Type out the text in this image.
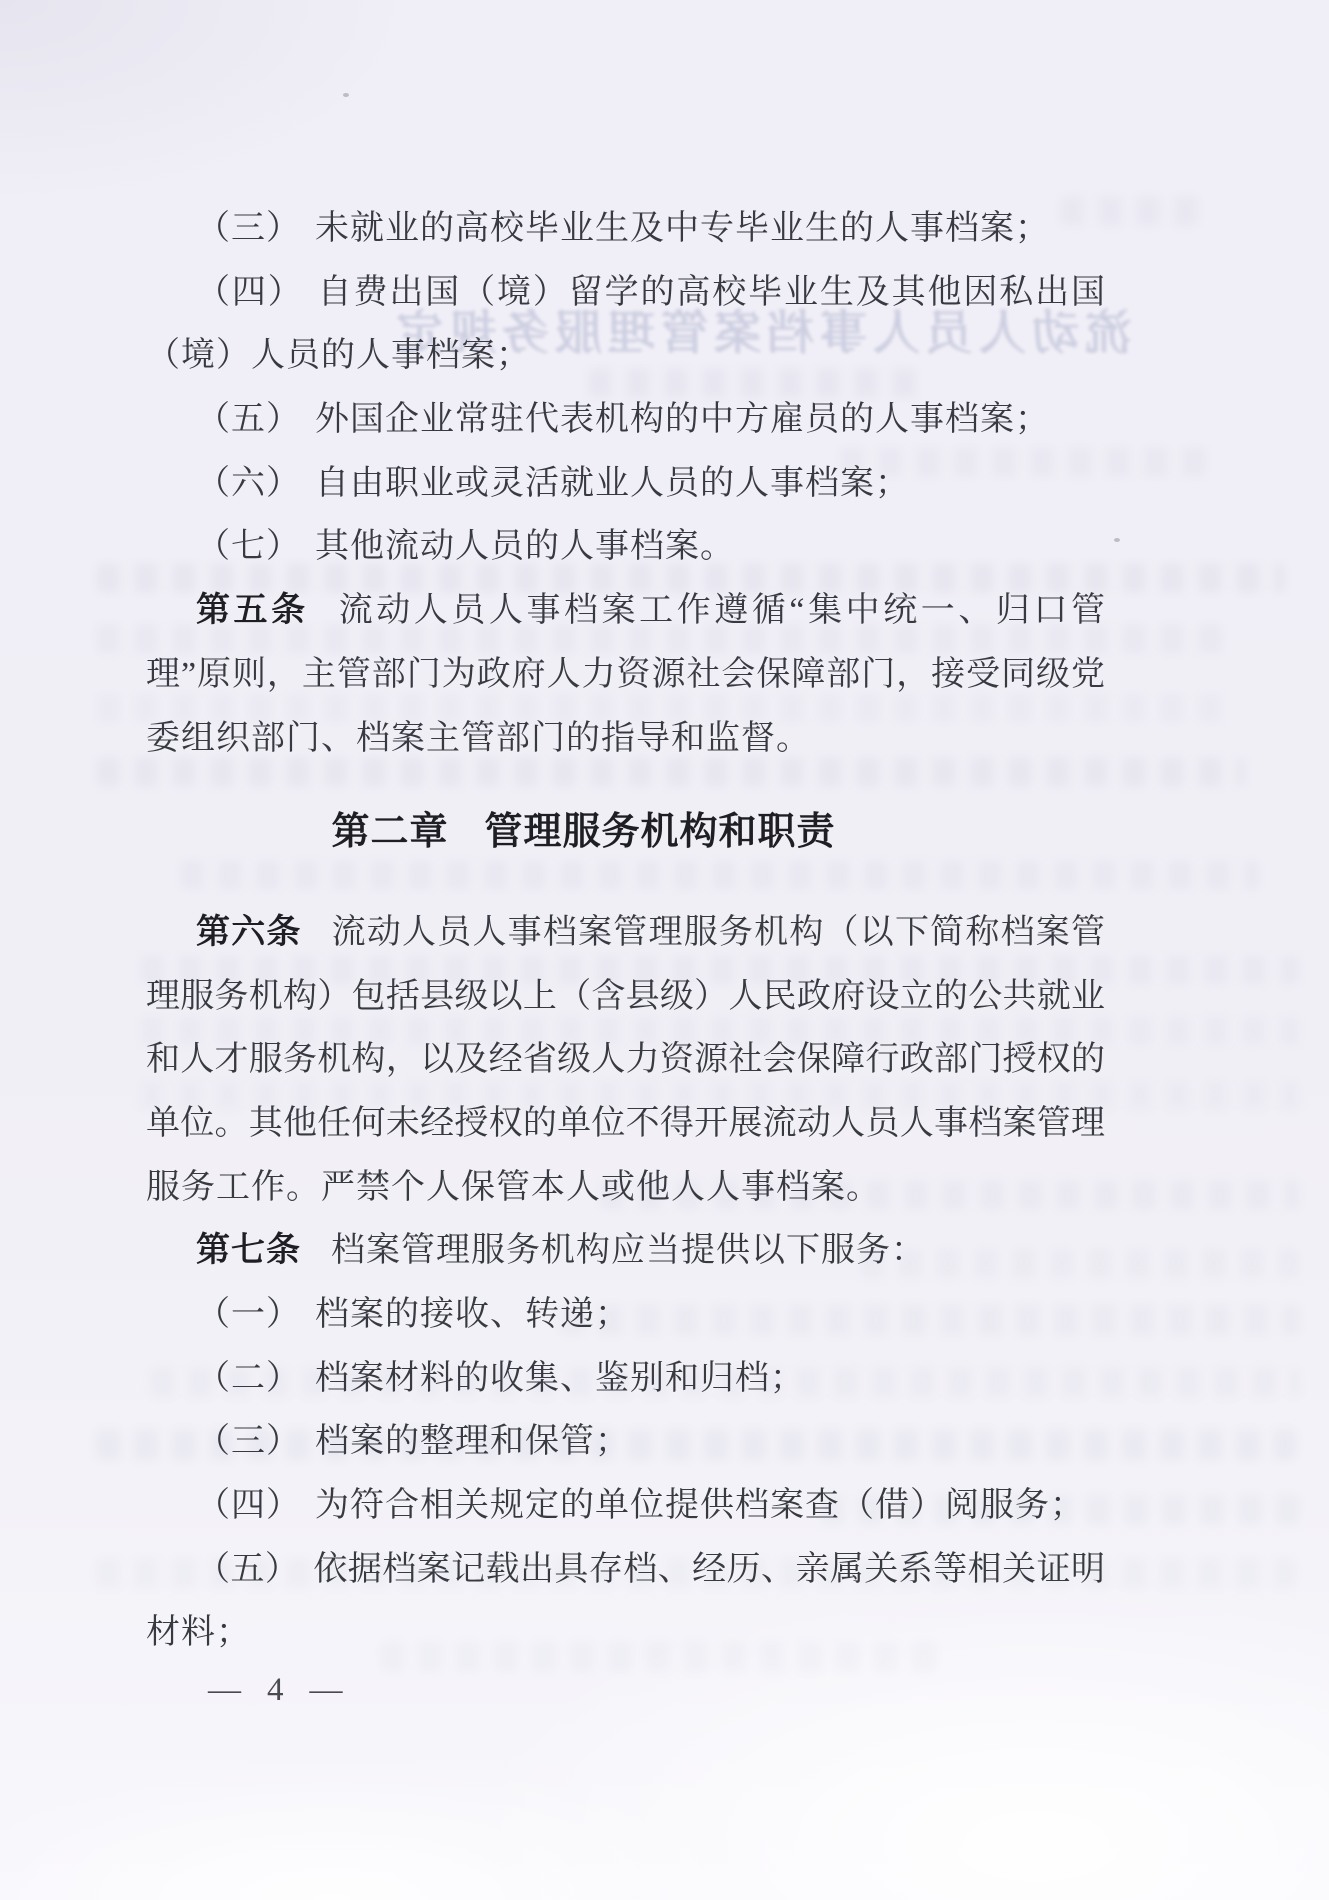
流动人员人事档案管理服务规定
（三） 未就业的高校毕业生及中专毕业生的人事档案；
（四） 自费出国（境）留学的高校毕业生及其他因私出国
（境）人员的人事档案；
（五） 外国企业常驻代表机构的中方雇员的人事档案；
（六） 自由职业或灵活就业人员的人事档案；
（七） 其他流动人员的人事档案。
第五条 流动人员人事档案工作遵循“集中统一、归口管
理”原则，主管部门为政府人力资源社会保障部门，接受同级党
委组织部门、档案主管部门的指导和监督。
第二章 管理服务机构和职责
第六条 流动人员人事档案管理服务机构（以下简称档案管
理服务机构）包括县级以上（含县级）人民政府设立的公共就业
和人才服务机构，以及经省级人力资源社会保障行政部门授权的
单位。其他任何未经授权的单位不得开展流动人员人事档案管理
服务工作。严禁个人保管本人或他人人事档案。
第七条 档案管理服务机构应当提供以下服务：
（一） 档案的接收、转递；
（二） 档案材料的收集、鉴别和归档；
（三） 档案的整理和保管；
（四） 为符合相关规定的单位提供档案查（借）阅服务；
（五） 依据档案记载出具存档、经历、亲属关系等相关证明
材料；
— 4 —
